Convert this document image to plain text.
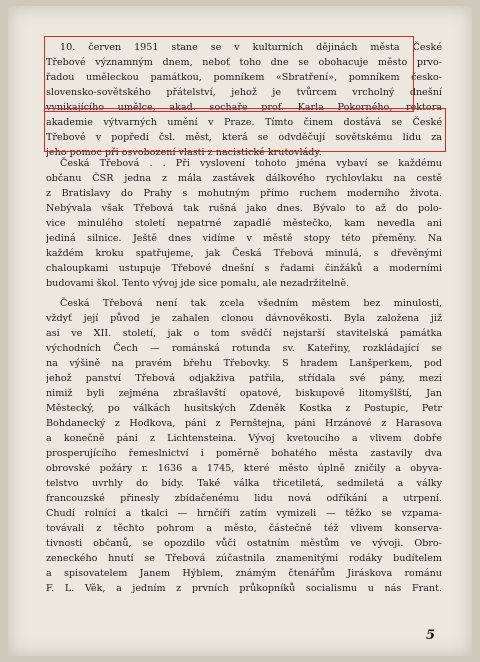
10. červen 1951 stane se v kulturních dějinách města České
Třebové významným dnem, neboť toho dne se obohacuje město prvo-
řadou uměleckou památkou, pomníkem «Sbratření», pomníkem česko-
slovensko-sovětského přátelství, jehož je tvůrcem vrcholný dnešní
vynikajícího umělce, akad. sochaře prof. Karla Pokorného, rektora
akademie výtvarných umění v Praze. Tímto činem dostává se České
Třebové v popředí čsl. měst, která se odvděčují sovětskému lidu za
jeho pomoc při osvobození vlasti z nacistické krutovlády.
Česká Třebová . . Při vyslovení tohoto jména vybaví se každému
občanu ČSR jedna z mála zastávek dálkového rychlovlaku na cestě
z Bratislavy do Prahy s mohutným přímo ruchem moderního života.
Nebývala však Třebová tak rušná jako dnes. Bývalo to až do polo-
vice minulého století nepatrné zapadlé městečko, kam nevedla ani
jediná silnice. Ještě dnes vidíme v městě stopy této přeměny. Na
každém kroku spatřujeme, jak Česká Třebová minulá, s dřevěnými
chaloupkami ustupuje Třebové dnešní s řadami činžáků a moderními
budovami škol. Tento vývoj jde sice pomalu, ale nezadržitelně.
Česká Třebová není tak zcela všedním městem bez minulosti,
vždyť její původ je zahalen clonou dávnověkosti. Byla založena již
asi ve XII. století, jak o tom svědčí nejstarší stavitelská památka
východních Čech — románská rotunda sv. Kateřiny, rozkládající se
na výšině na pravém břehu Třebovky. S hradem Lanšperkem, pod
jehož panství Třebová odjakživa patřila, střídala své pány, mezi
nimiž byli zejména zbrašlavští opatové, biskupové litomyšlští, Jan
Městecký, po válkách husitských Zdeněk Kostka z Postupic, Petr
Bohdanecký z Hodkova, páni z Pernštejna, páni Hrzánové z Harasova
a konečně páni z Lichtensteina. Vývoj kvetoucího a vlivem dobře
prosperujícího řemeslnictví i poměrně bohatého města zastavily dva
obrovské požáry r. 1636 a 1745, které město úplně zničily a obyva-
telstvo uvrhly do bídy. Také válka třicetiletá, sedmiletá a války
francouzské přinesly zbídačenému lidu nová odříkání a utrpení.
Chudí rolníci a tkalci — hrnčíři zatím vymizeli — těžko se vzpama-
továvali z těchto pohrom a město, částečně též vlivem konserva-
tivnosti občanů, se opozdilo vůči ostatním městům ve vývoji. Obro-
zeneckého hnutí se Třebová zúčastnila znamenitými rodáky budítelem
a spisovatelem Janem Hýblem, známým čtenářům Jiráskova románu
F. L. Věk, a jedním z prvních průkopníků socialismu u nás Frant.
5
